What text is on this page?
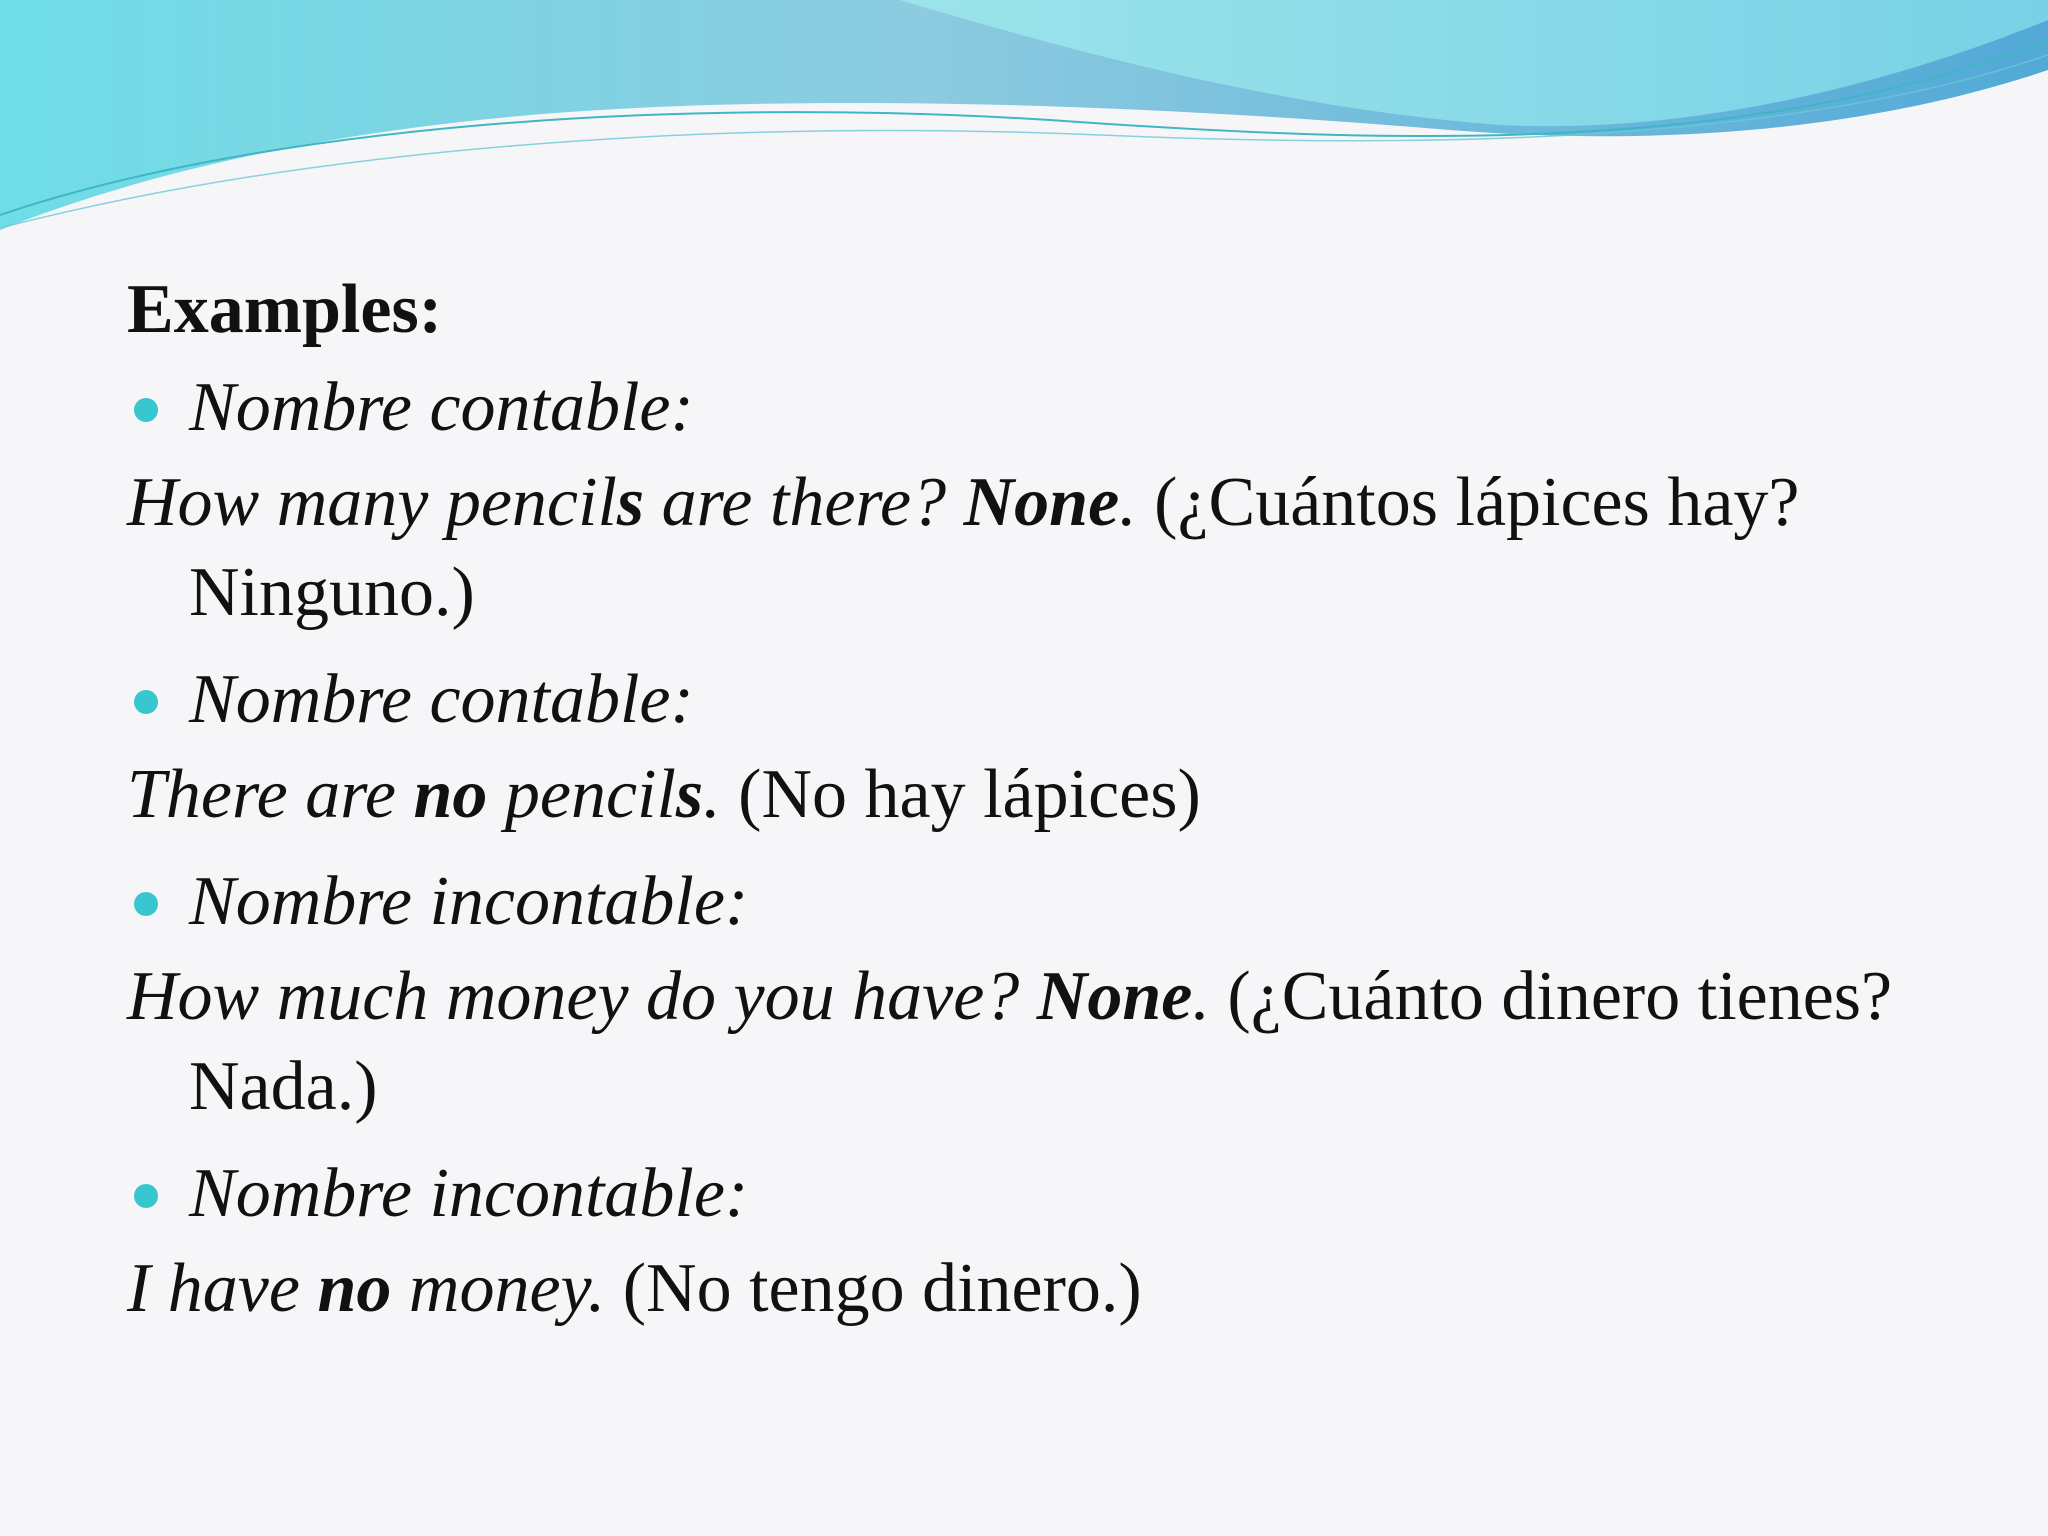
Examples:
Nombre contable:
How many pencils are there? None. (¿Cuántos lápices hay? Ninguno.)
Nombre contable:
There are no pencils. (No hay lápices)
Nombre incontable:
How much money do you have? None. (¿Cuánto dinero tienes? Nada.)
Nombre incontable:
I have no money. (No tengo dinero.)
